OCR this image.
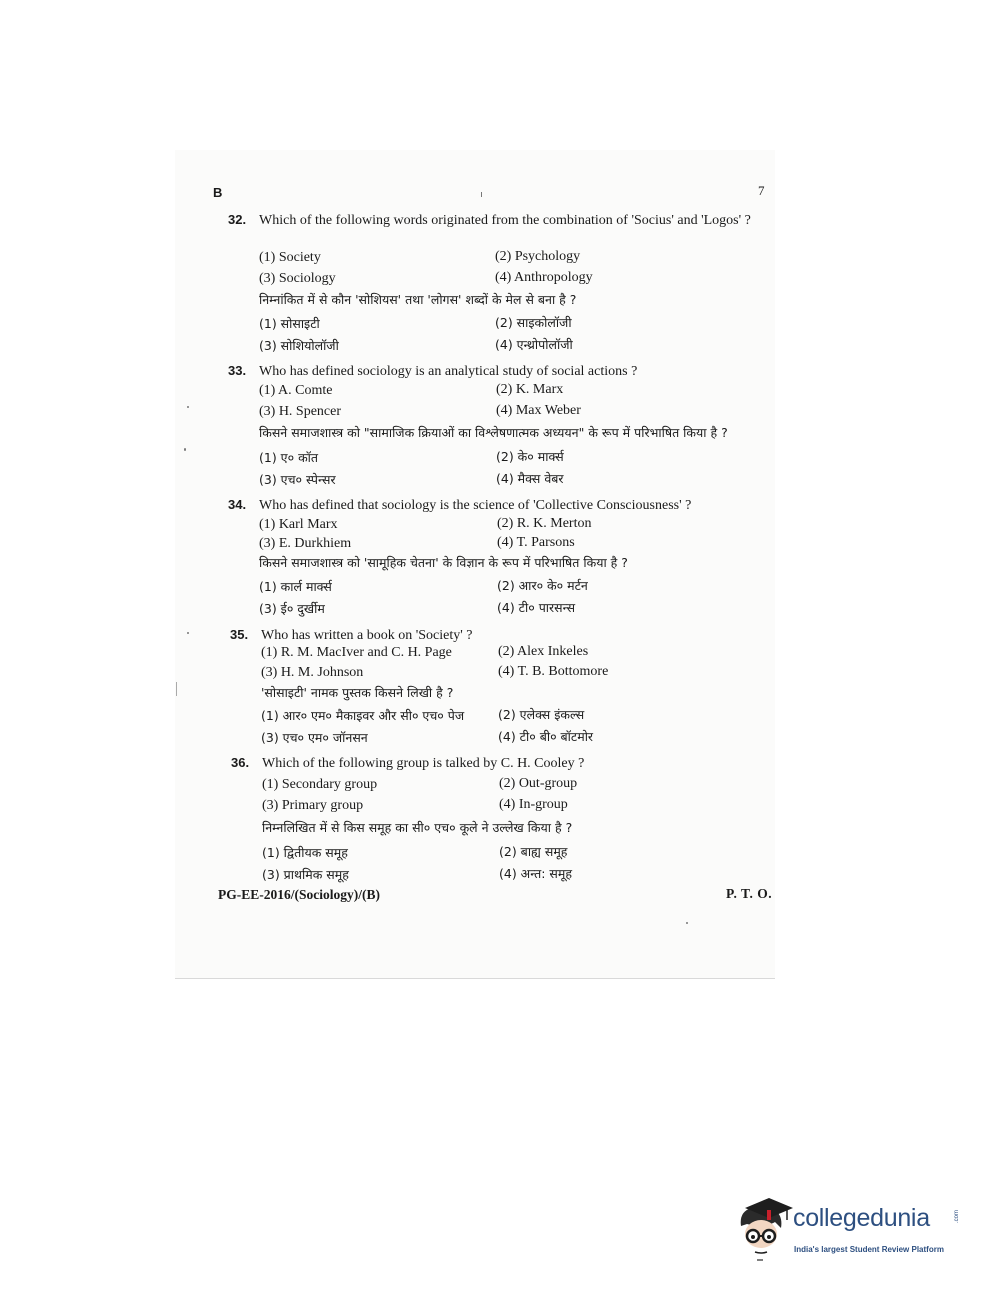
B	7
32. Which of the following words originated from the combination of 'Socius' and 'Logos' ?
(1) Society	(2) Psychology
(3) Sociology	(4) Anthropology
निम्नांकित में से कौन 'सोशियस' तथा 'लोगस' शब्दों के मेल से बना है ?
(1) सोसाइटी	(2) साइकोलॉजी
(3) सोशियोलॉजी	(4) एन्थ्रोपोलॉजी
33. Who has defined sociology is an analytical study of social actions ?
(1) A. Comte	(2) K. Marx
(3) H. Spencer	(4) Max Weber
किसने समाजशास्त्र को "सामाजिक क्रियाओं का विश्लेषणात्मक अध्ययन" के रूप में परिभाषित किया है ?
(1) ए० कॉत	(2) के० मार्क्स
(3) एच० स्पेन्सर	(4) मैक्स वेबर
34. Who has defined that sociology is the science of 'Collective Consciousness' ?
(1) Karl Marx	(2) R. K. Merton
(3) E. Durkhiem	(4) T. Parsons
किसने समाजशास्त्र को 'सामूहिक चेतना' के विज्ञान के रूप में परिभाषित किया है ?
(1) कार्ल मार्क्स	(2) आर० के० मर्टन
(3) ई० दुर्खीम	(4) टी० पारसन्स
35. Who has written a book on 'Society' ?
(1) R. M. MacIver and C. H. Page	(2) Alex Inkeles
(3) H. M. Johnson	(4) T. B. Bottomore
'सोसाइटी' नामक पुस्तक किसने लिखी है ?
(1) आर० एम० मैकाइवर और सी० एच० पेज	(2) एलेक्स इंकल्स
(3) एच० एम० जॉनसन	(4) टी० बी० बॉटमोर
36. Which of the following group is talked by C. H. Cooley ?
(1) Secondary group	(2) Out-group
(3) Primary group	(4) In-group
निम्नलिखित में से किस समूह का सी० एच० कूले ने उल्लेख किया है ?
(1) द्वितीयक समूह	(2) बाह्य समूह
(3) प्राथमिक समूह	(4) अन्त: समूह
PG-EE-2016/(Sociology)/(B)	P. T. O.
collegedunia	.com
India's largest Student Review Platform
